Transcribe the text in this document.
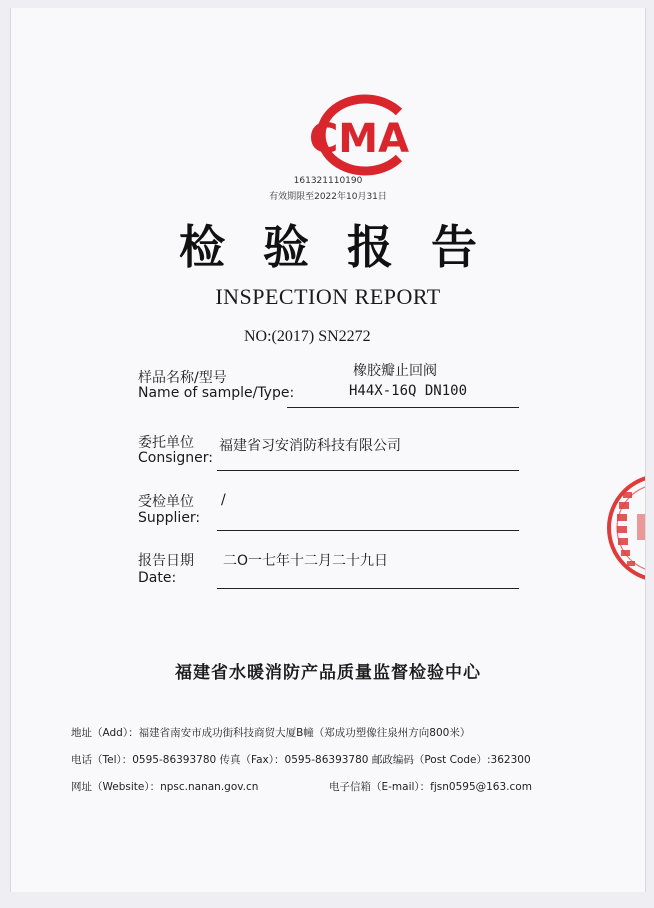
CMA
161321110190
有效期限至2022年10月31日
检验报告
INSPECTION REPORT
NO:(2017) SN2272
样品名称/型号
Name of sample/Type:
橡胶瓣止回阀
H44X-16Q DN100
委托单位
Consigner:
福建省习安消防科技有限公司
受检单位
Supplier:
/
报告日期
Date:
二O一七年十二月二十九日
福建省水暖消防产品质量监督检验中心
地址（Add）：福建省南安市成功街科技商贸大厦B幢（郑成功塑像往泉州方向800米）
电话（Tel）：0595-86393780 传真（Fax）：0595-86393780 邮政编码（Post Code）:362300
网址（Website）：npsc.nanan.gov.cn	电子信箱（E-mail）：fjsn0595@163.com
